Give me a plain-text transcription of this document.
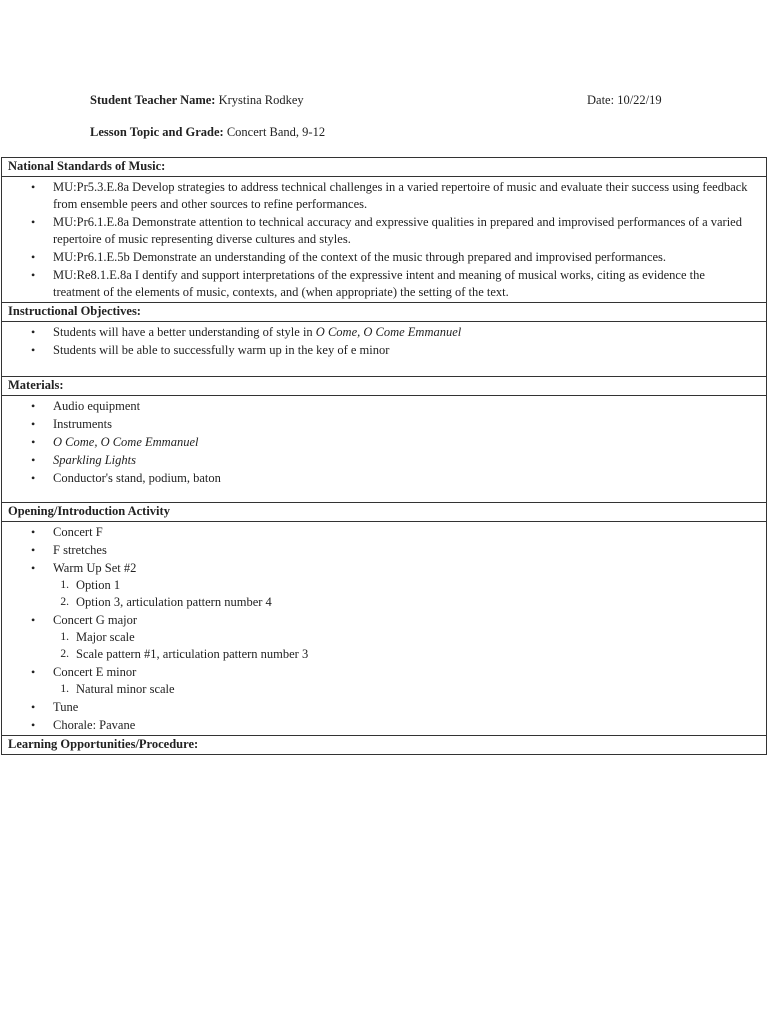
Student Teacher Name: Krystina Rodkey	Date: 10/22/19
Lesson Topic and Grade: Concert Band, 9-12
National Standards of Music:

• MU:Pr5.3.E.8a Develop strategies to address technical challenges in a varied repertoire of music and evaluate their success using feedback from ensemble peers and other sources to refine performances.
• MU:Pr6.1.E.8a Demonstrate attention to technical accuracy and expressive qualities in prepared and improvised performances of a varied repertoire of music representing diverse cultures and styles.
• MU:Pr6.1.E.5b Demonstrate an understanding of the context of the music through prepared and improvised performances.
• MU:Re8.1.E.8a I dentify and support interpretations of the expressive intent and meaning of musical works, citing as evidence the treatment of the elements of music, contexts, and (when appropriate) the setting of the text.

Instructional Objectives:

• Students will have a better understanding of style in O Come, O Come Emmanuel
• Students will be able to successfully warm up in the key of e minor

Materials:

• Audio equipment
• Instruments
• O Come, O Come Emmanuel
• Sparkling Lights
• Conductor's stand, podium, baton

Opening/Introduction Activity

• Concert F
• F stretches
• Warm Up Set #2
1. Option 1
2. Option 3, articulation pattern number 4
• Concert G major
1. Major scale
2. Scale pattern #1, articulation pattern number 3
• Concert E minor
1. Natural minor scale
• Tune
• Chorale: Pavane

Learning Opportunities/Procedure:
